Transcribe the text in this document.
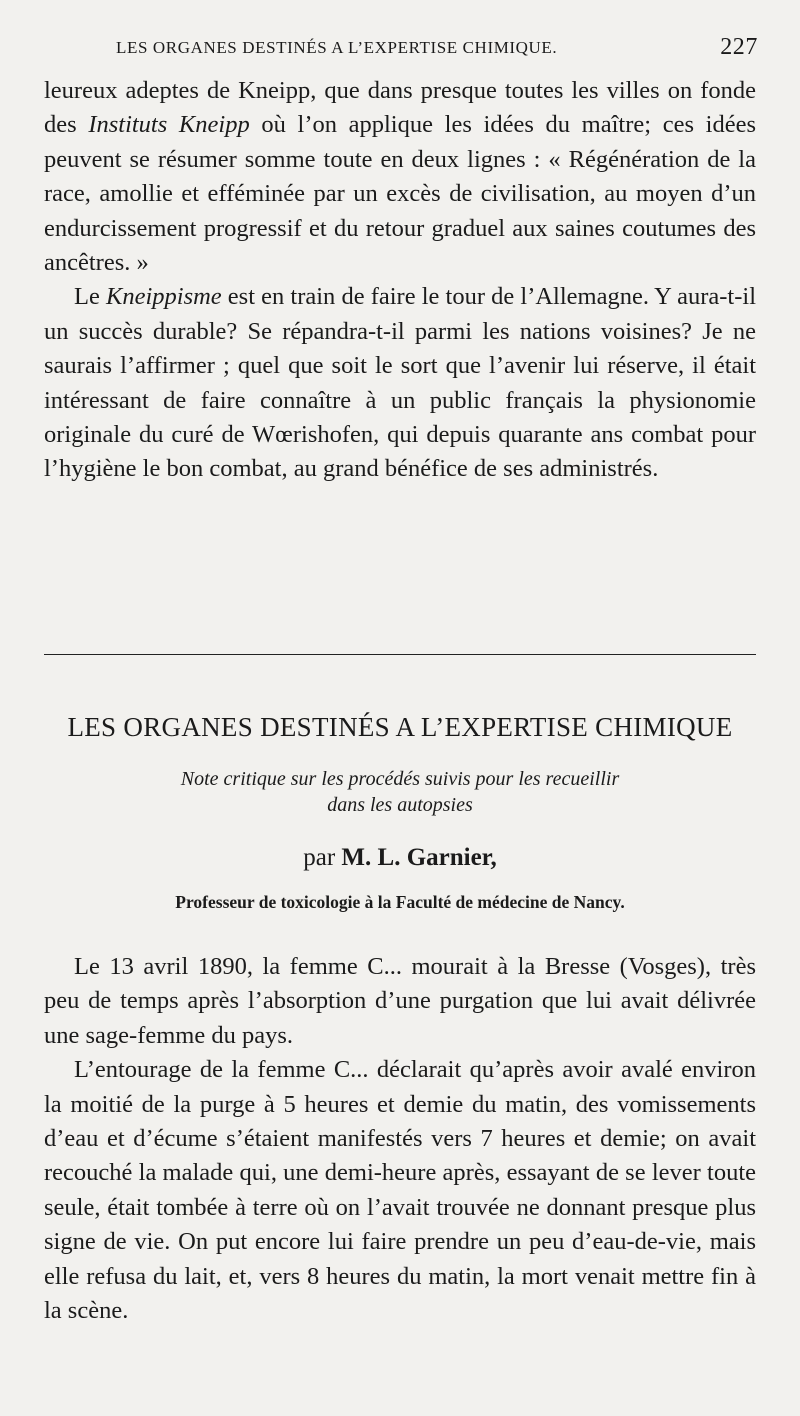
LES ORGANES DESTINÉS A L’EXPERTISE CHIMIQUE.	227

leureux adeptes de Kneipp, que dans presque toutes les villes on fonde des Instituts Kneipp où l’on applique les idées du maître; ces idées peuvent se résumer somme toute en deux lignes : « Régénération de la race, amollie et efféminée par un excès de civilisation, au moyen d’un endurcissement progressif et du retour graduel aux saines coutumes des ancêtres. »

Le Kneippisme est en train de faire le tour de l’Allemagne. Y aura-t-il un succès durable? Se répandra-t-il parmi les nations voisines? Je ne saurais l’affirmer ; quel que soit le sort que l’avenir lui réserve, il était intéressant de faire connaître à un public français la physionomie originale du curé de Wœrishofen, qui depuis quarante ans combat pour l’hygiène le bon combat, au grand bénéfice de ses administrés.

LES ORGANES DESTINÉS A L’EXPERTISE CHIMIQUE
Note critique sur les procédés suivis pour les recueillir
dans les autopsies
par M. L. Garnier,
Professeur de toxicologie à la Faculté de médecine de Nancy.

Le 13 avril 1890, la femme C... mourait à la Bresse (Vosges), très peu de temps après l’absorption d’une purgation que lui avait délivrée une sage-femme du pays.

L’entourage de la femme C... déclarait qu’après avoir avalé environ la moitié de la purge à 5 heures et demie du matin, des vomissements d’eau et d’écume s’étaient manifestés vers 7 heures et demie; on avait recouché la malade qui, une demi-heure après, essayant de se lever toute seule, était tombée à terre où on l’avait trouvée ne donnant presque plus signe de vie. On put encore lui faire prendre un peu d’eau-de-vie, mais elle refusa du lait, et, vers 8 heures du matin, la mort venait mettre fin à la scène.
